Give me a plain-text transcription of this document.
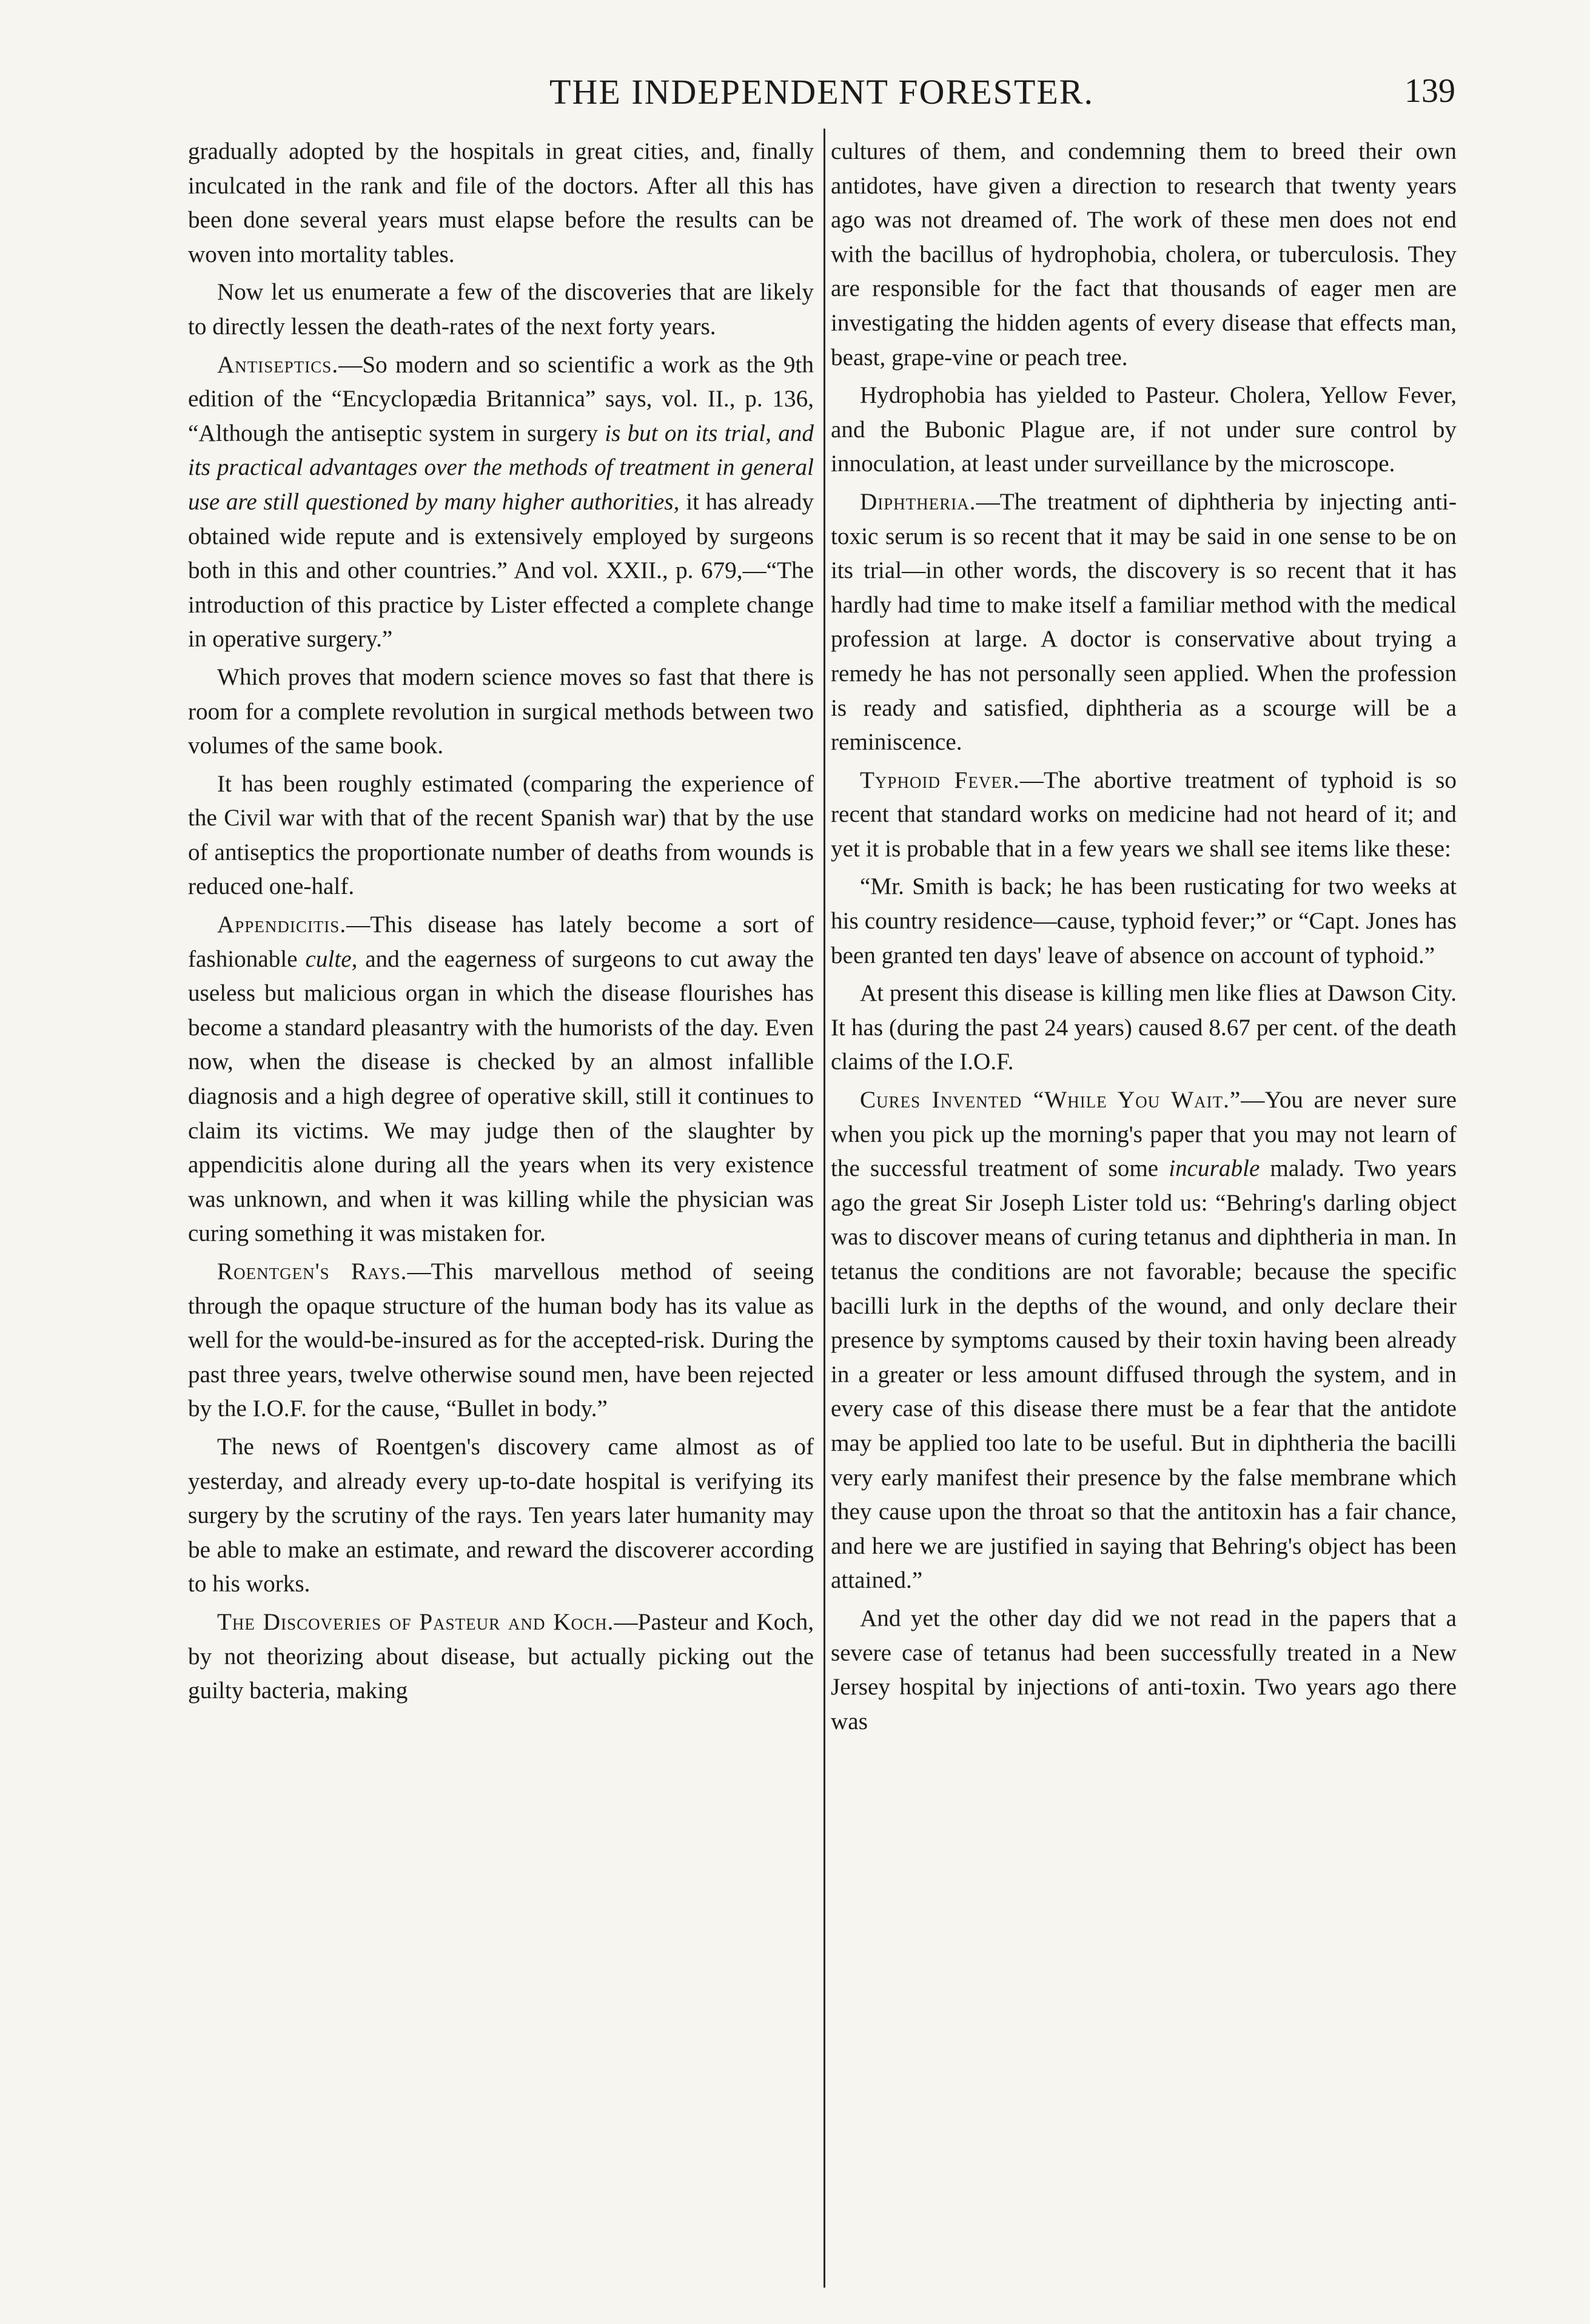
THE INDEPENDENT FORESTER.	139

gradually adopted by the hospitals in great cities, and, finally inculcated in the rank and file of the doctors. After all this has been done several years must elapse before the results can be woven into mortality tables.

Now let us enumerate a few of the discoveries that are likely to directly lessen the death-rates of the next forty years.

Antiseptics.—So modern and so scientific a work as the 9th edition of the “Encyclopædia Britannica” says, vol. II., p. 136, “Although the antiseptic system in surgery is but on its trial, and its practical advantages over the methods of treatment in general use are still questioned by many higher authorities, it has already obtained wide repute and is extensively employed by surgeons both in this and other countries.” And vol. XXII., p. 679,—“The introduction of this practice by Lister effected a complete change in operative surgery.”

Which proves that modern science moves so fast that there is room for a complete revolution in surgical methods between two volumes of the same book.

It has been roughly estimated (comparing the experience of the Civil war with that of the recent Spanish war) that by the use of antiseptics the proportionate number of deaths from wounds is reduced one-half.

Appendicitis.—This disease has lately become a sort of fashionable culte, and the eagerness of surgeons to cut away the useless but malicious organ in which the disease flourishes has become a standard pleasantry with the humorists of the day. Even now, when the disease is checked by an almost infallible diagnosis and a high degree of operative skill, still it continues to claim its victims. We may judge then of the slaughter by appendicitis alone during all the years when its very existence was unknown, and when it was killing while the physician was curing something it was mistaken for.

Roentgen's Rays.—This marvellous method of seeing through the opaque structure of the human body has its value as well for the would-be-insured as for the accepted-risk. During the past three years, twelve otherwise sound men, have been rejected by the I.O.F. for the cause, “Bullet in body.”

The news of Roentgen's discovery came almost as of yesterday, and already every up-to-date hospital is verifying its surgery by the scrutiny of the rays. Ten years later humanity may be able to make an estimate, and reward the discoverer according to his works.

The Discoveries of Pasteur and Koch.—Pasteur and Koch, by not theorizing about disease, but actually picking out the guilty bacteria, making

cultures of them, and condemning them to breed their own antidotes, have given a direction to research that twenty years ago was not dreamed of. The work of these men does not end with the bacillus of hydrophobia, cholera, or tuberculosis. They are responsible for the fact that thousands of eager men are investigating the hidden agents of every disease that effects man, beast, grape-vine or peach tree.

Hydrophobia has yielded to Pasteur. Cholera, Yellow Fever, and the Bubonic Plague are, if not under sure control by innoculation, at least under surveillance by the microscope.

Diphtheria.—The treatment of diphtheria by injecting anti-toxic serum is so recent that it may be said in one sense to be on its trial—in other words, the discovery is so recent that it has hardly had time to make itself a familiar method with the medical profession at large. A doctor is conservative about trying a remedy he has not personally seen applied. When the profession is ready and satisfied, diphtheria as a scourge will be a reminiscence.

Typhoid Fever.—The abortive treatment of typhoid is so recent that standard works on medicine had not heard of it; and yet it is probable that in a few years we shall see items like these:

“Mr. Smith is back; he has been rusticating for two weeks at his country residence—cause, typhoid fever;” or “Capt. Jones has been granted ten days' leave of absence on account of typhoid.”

At present this disease is killing men like flies at Dawson City. It has (during the past 24 years) caused 8.67 per cent. of the death claims of the I.O.F.

Cures Invented “While You Wait.”—You are never sure when you pick up the morning's paper that you may not learn of the successful treatment of some incurable malady. Two years ago the great Sir Joseph Lister told us: “Behring's darling object was to discover means of curing tetanus and diphtheria in man. In tetanus the conditions are not favorable; because the specific bacilli lurk in the depths of the wound, and only declare their presence by symptoms caused by their toxin having been already in a greater or less amount diffused through the system, and in every case of this disease there must be a fear that the antidote may be applied too late to be useful. But in diphtheria the bacilli very early manifest their presence by the false membrane which they cause upon the throat so that the antitoxin has a fair chance, and here we are justified in saying that Behring's object has been attained.”

And yet the other day did we not read in the papers that a severe case of tetanus had been successfully treated in a New Jersey hospital by injections of anti-toxin. Two years ago there was
